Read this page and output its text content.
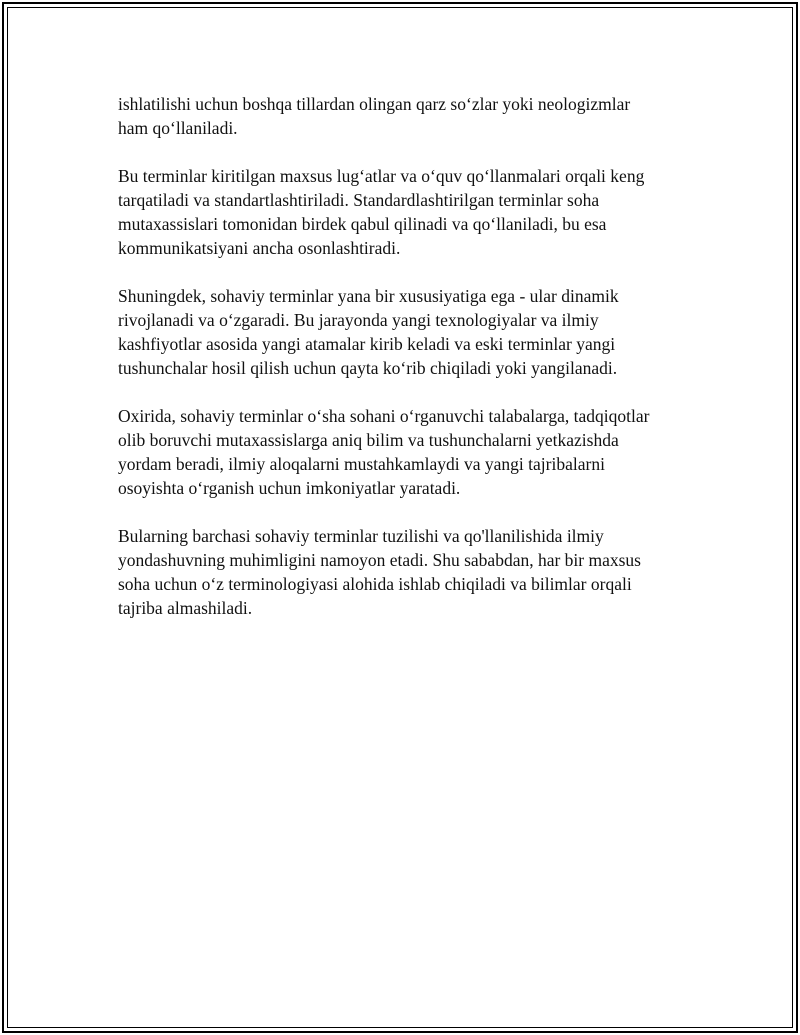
ishlatilishi uchun boshqa tillardan olingan qarz so‘zlar yoki neologizmlar
ham qo‘llaniladi.

Bu terminlar kiritilgan maxsus lug‘atlar va o‘quv qo‘llanmalari orqali keng
tarqatiladi va standartlashtiriladi. Standardlashtirilgan terminlar soha
mutaxassislari tomonidan birdek qabul qilinadi va qo‘llaniladi, bu esa
kommunikatsiyani ancha osonlashtiradi.

Shuningdek, sohaviy terminlar yana bir xususiyatiga ega - ular dinamik
rivojlanadi va o‘zgaradi. Bu jarayonda yangi texnologiyalar va ilmiy
kashfiyotlar asosida yangi atamalar kirib keladi va eski terminlar yangi
tushunchalar hosil qilish uchun qayta ko‘rib chiqiladi yoki yangilanadi.

Oxirida, sohaviy terminlar o‘sha sohani o‘rganuvchi talabalarga, tadqiqotlar
olib boruvchi mutaxassislarga aniq bilim va tushunchalarni yetkazishda
yordam beradi, ilmiy aloqalarni mustahkamlaydi va yangi tajribalarni
osoyishta o‘rganish uchun imkoniyatlar yaratadi.

Bularning barchasi sohaviy terminlar tuzilishi va qo'llanilishida ilmiy
yondashuvning muhimligini namoyon etadi. Shu sababdan, har bir maxsus
soha uchun o‘z terminologiyasi alohida ishlab chiqiladi va bilimlar orqali
tajriba almashiladi.
